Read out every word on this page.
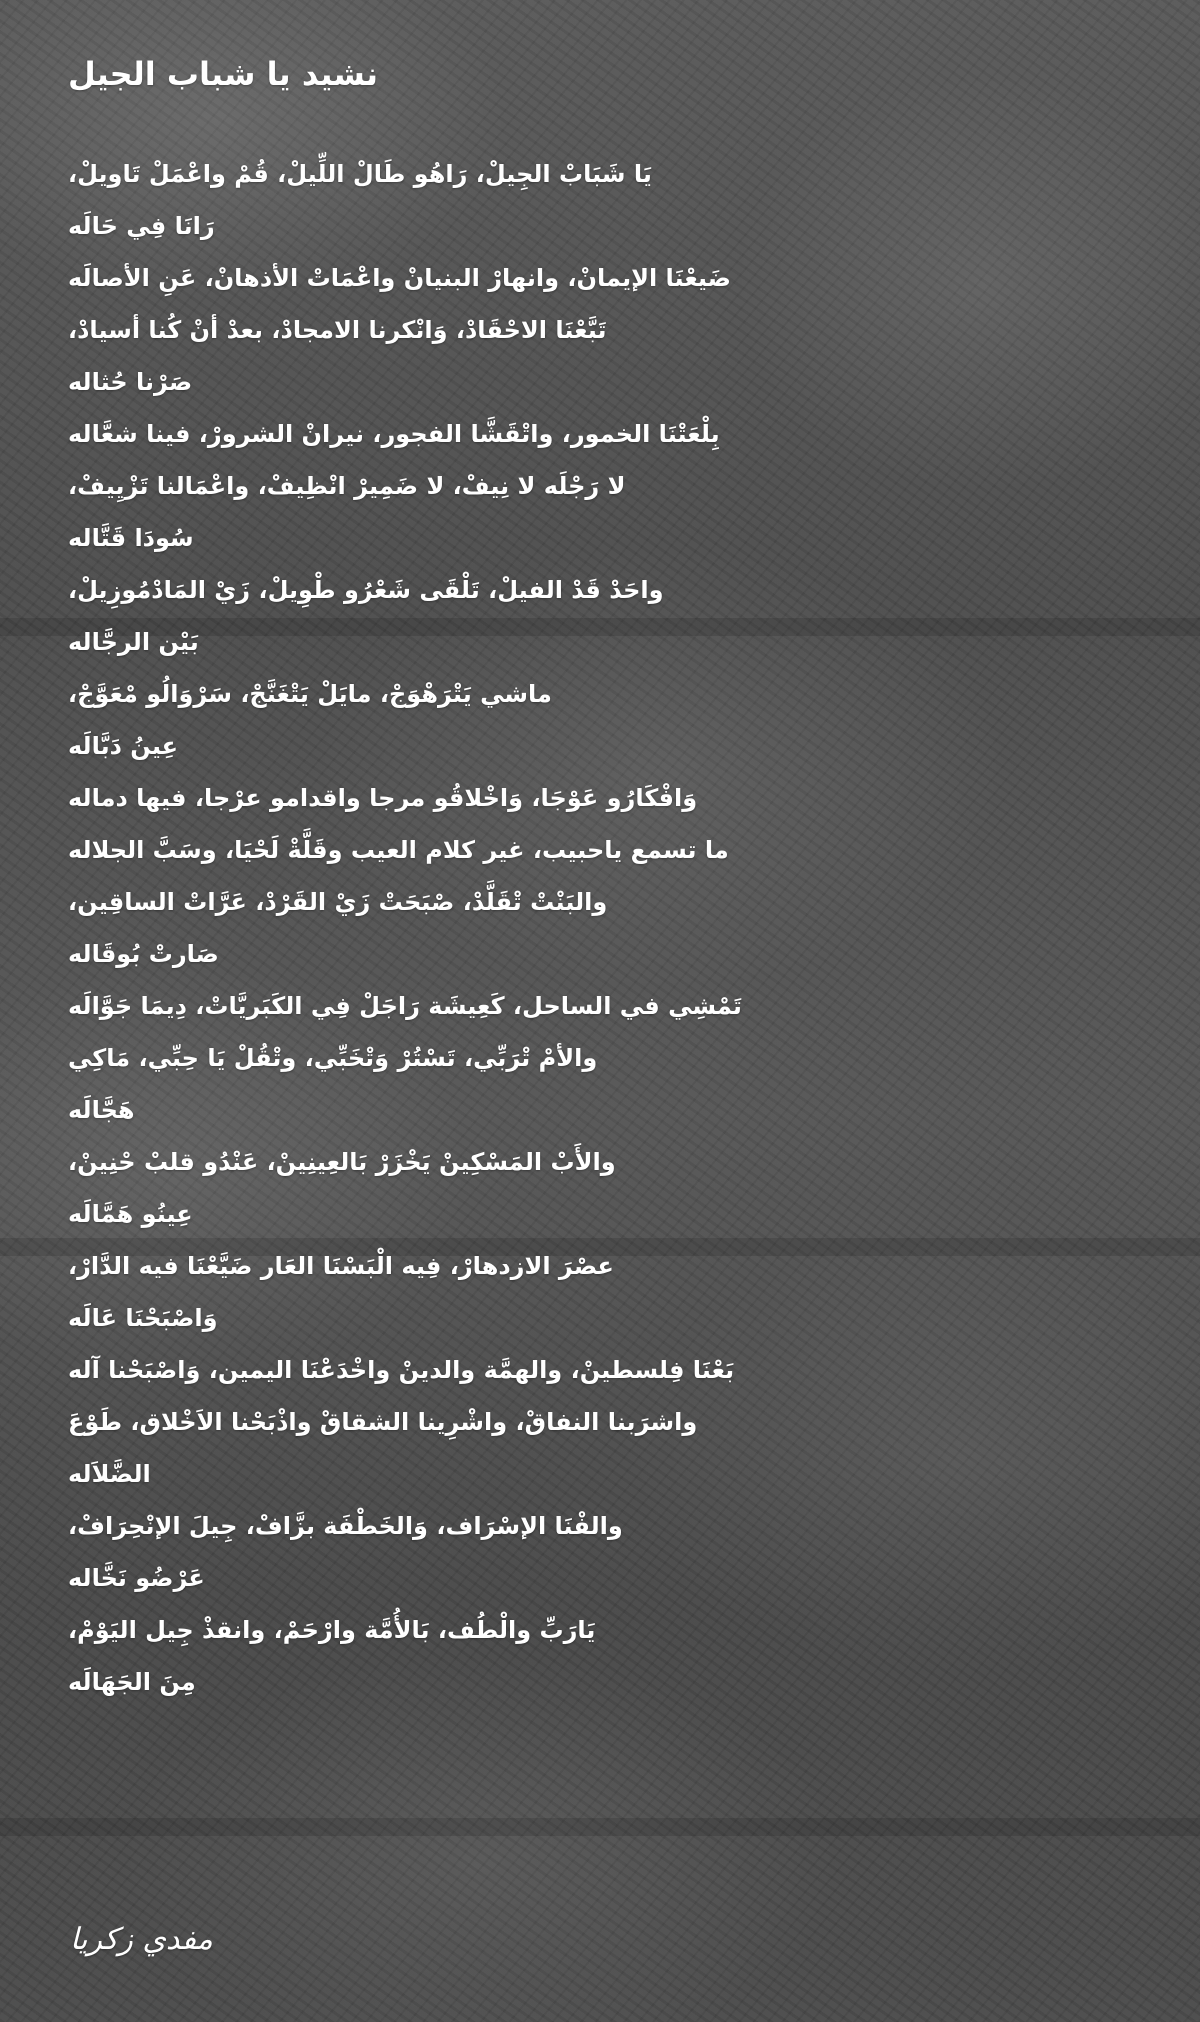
نشيد يا شباب الجيل
يَا شَبَابْ الجِيلْ، رَاهُو طَالْ اللِّيلْ، قُمْ واعْمَلْ تَاويلْ،
رَانَا فِي حَالَه
ضَيعْنَا الإيمانْ، وانهارْ البنيانْ واعْمَاتْ الأذهانْ، عَنِ الأصالَه
تَبَّعْنَا الاحْقَادْ، وَانْكرنا الامجادْ، بعدْ أنْ كُنا أسيادْ،
صَرْنا حُثاله
بِلْعَتْنَا الخمور، واتْقَشَّا الفجور، نيرانْ الشرورْ، فينا شعَّاله
لا رَجْلَه لا نِيفْ، لا ضَمِيرْ انْظِيفْ، واعْمَالنا تَزْيِيفْ،
سُودَا قَتَّاله
واحَدْ قَدْ الفيلْ، تَلْقَى شَعْرُو طْوِيلْ، زَيْ المَادْمُوزِيلْ،
بَيْن الرجَّاله
ماشي يَتْرَهْوَجْ، مايَلْ يَتْغَنَّجْ، سَرْوَالُو مْعَوَّجْ،
عِينُ دَبَّالَه
وَافْكَارُو عَوْجَا، وَاخْلاقُو مرجا واقدامو عرْجا، فيها دماله
ما تسمع ياحبيب، غير كلام العيب وقَلَّةْ لَحْيَا، وسَبَّ الجلاله
والبَنْتْ تْقَلَّدْ، صْبَحَتْ زَيْ القَرْدْ، عَرَّاتْ الساقِين،
صَارتْ بُوقَاله
تَمْشِي في الساحل، كَعِيشَة رَاجَلْ فِي الكَبَريَّاتْ، دِيمَا جَوَّالَه
والأمْ تْرَبِّي، تَسْتُرْ وَتْخَبِّي، وتْقُلْ يَا حِبِّي، مَاكِي
هَجَّالَه
والأَبْ المَسْكِينْ يَخْزَرْ بَالعِينِينْ، عَنْدُو قلبْ حْنِينْ،
عِينُو هَمَّالَه
عصْرَ الازدهارْ، فِيه الْبَسْنَا العَار ضَيَّعْنَا فيه الدَّارْ،
وَاصْبَحْنَا عَالَه
بَعْنَا فِلسطينْ، والهمَّة والدينْ واخْدَعْنَا اليمين، وَاصْبَحْنا آله
واشرَبنا النفاقْ، واشْرِينا الشقاقْ واذْبَحْنا الاَخْلاق، طَوْعَ
الضَّلاَله
والفْنَا الإسْرَاف، وَالخَطْفَة بزَّافْ، جِيلَ الإنْحِرَافْ،
عَرْضُو نَخَّاله
يَارَبِّ والْطُف، بَالأُمَّة وارْحَمْ، وانقذْ جِيل اليَوْمْ،
مِنَ الجَهَالَه
مفدي زكريا
